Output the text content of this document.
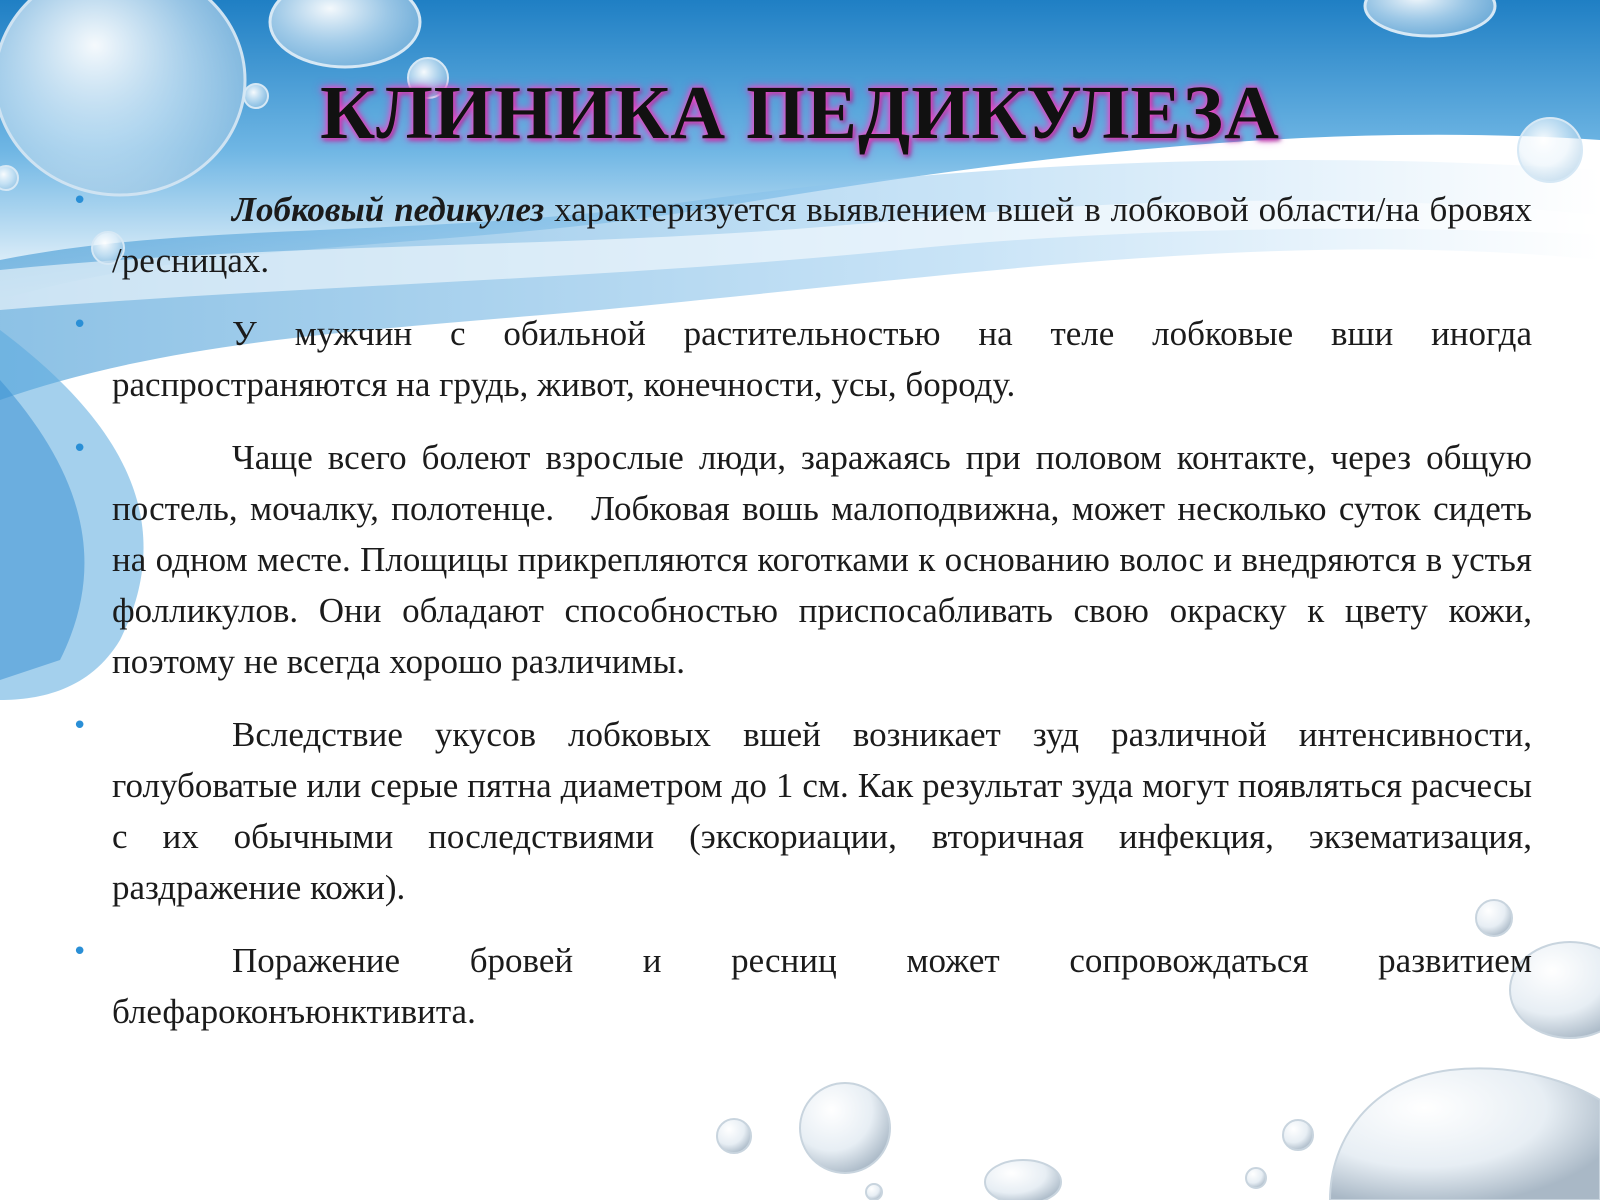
КЛИНИКА ПЕДИКУЛЕЗА
•	Лобковый педикулез характеризуется выявлением вшей в лобковой области/на бровях /ресницах.
•	У мужчин с обильной растительностью на теле лобковые вши иногда распространяются на грудь, живот, конечности, усы, бороду.
•	Чаще всего болеют взрослые люди, заражаясь при половом контакте, через общую постель, мочалку, полотенце.   Лобковая вошь малоподвижна, может несколько суток сидеть на одном месте. Площицы прикрепляются коготками к основанию волос и внедряются в устья фолликулов. Они обладают способностью приспосабливать свою окраску к цвету кожи, поэтому не всегда хорошо различимы.
•	Вследствие укусов лобковых вшей возникает зуд различной интенсивности, голубоватые или серые пятна диаметром до 1 см. Как результат зуда могут появляться расчесы с их обычными последствиями (экскориации, вторичная инфекция, экзематизация, раздражение кожи).
•	Поражение бровей и ресниц может сопровождаться развитием блефароконъюнктивита.
